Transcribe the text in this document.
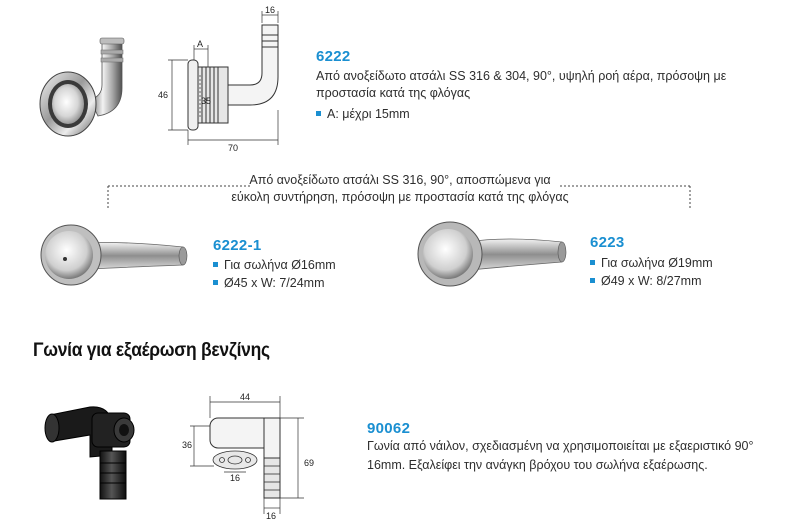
16
A
46
35
70
6222
Από ανοξείδωτο ατσάλι SS 316 & 304, 90°, υψηλή ροή αέρα, πρόσοψη με προστασία κατά της φλόγας
A: μέχρι 15mm
Από ανοξείδωτο ατσάλι SS 316, 90°, αποσπώμενα για
εύκολη συντήρηση, πρόσοψη με προστασία κατά της φλόγας
6222-1
Για σωλήνα Ø16mm
Ø45 x W: 7/24mm
6223
Για σωλήνα Ø19mm
Ø49 x W: 8/27mm
Γωνία για εξαέρωση βενζίνης
44
36
69
16
16
90062
Γωνία από νάιλον, σχεδιασμένη να χρησιμοποιείται με εξαεριστικό 90°
16mm. Εξαλείφει την ανάγκη βρόχου του σωλήνα εξαέρωσης.
